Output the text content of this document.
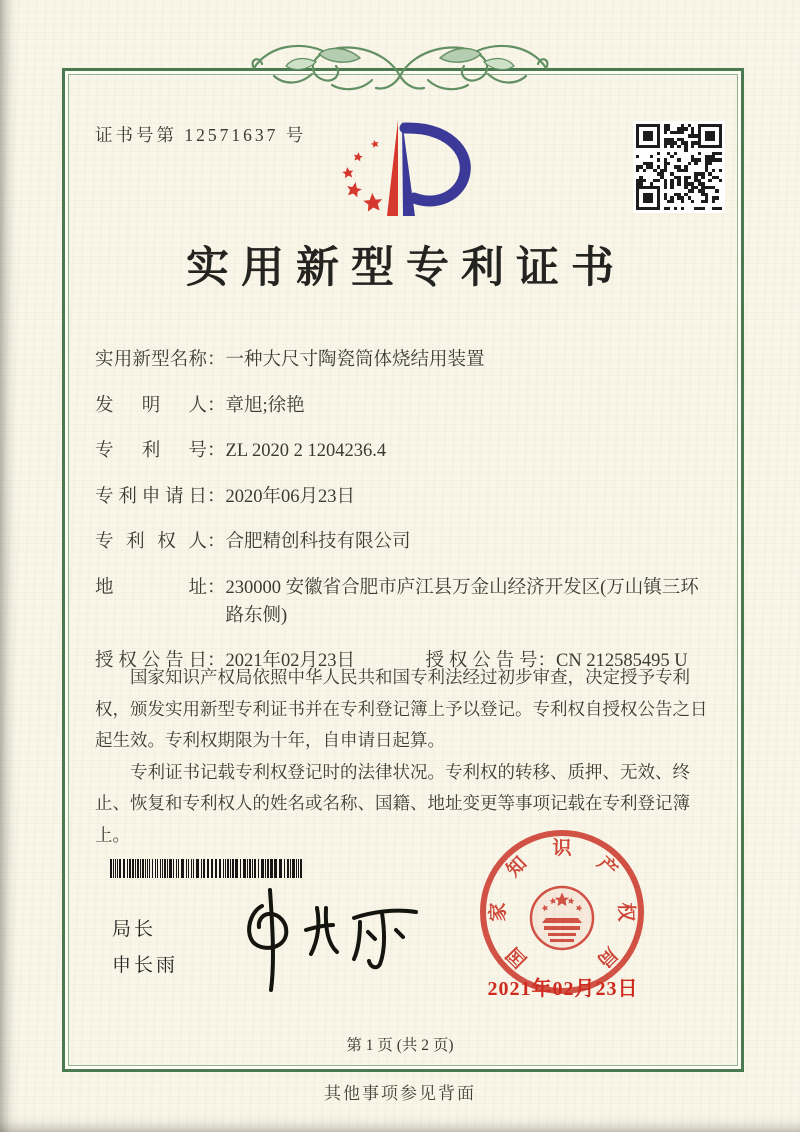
证书号第 12571637 号
实用新型专利证书
实用新型名称 ： 一种大尺寸陶瓷筒体烧结用装置
发明人 ： 章旭;徐艳
专利号 ： ZL 2020 2 1204236.4
专利申请日 ： 2020年06月23日
专利权人 ： 合肥精创科技有限公司
地址 ： 230000 安徽省合肥市庐江县万金山经济开发区(万山镇三环路东侧)
授权公告日 ： 2021年02月23日	授权公告号 ： CN 212585495 U

国家知识产权局依照中华人民共和国专利法经过初步审查，决定授予专利权，颁发实用新型专利证书并在专利登记簿上予以登记。专利权自授权公告之日起生效。专利权期限为十年，自申请日起算。

专利证书记载专利权登记时的法律状况。专利权的转移、质押、无效、终止、恢复和专利权人的姓名或名称、国籍、地址变更等事项记载在专利登记簿上。

局长
申长雨	国
家
知
识
产
权
局
2021年02月23日
第 1 页 (共 2 页)
其他事项参见背面
